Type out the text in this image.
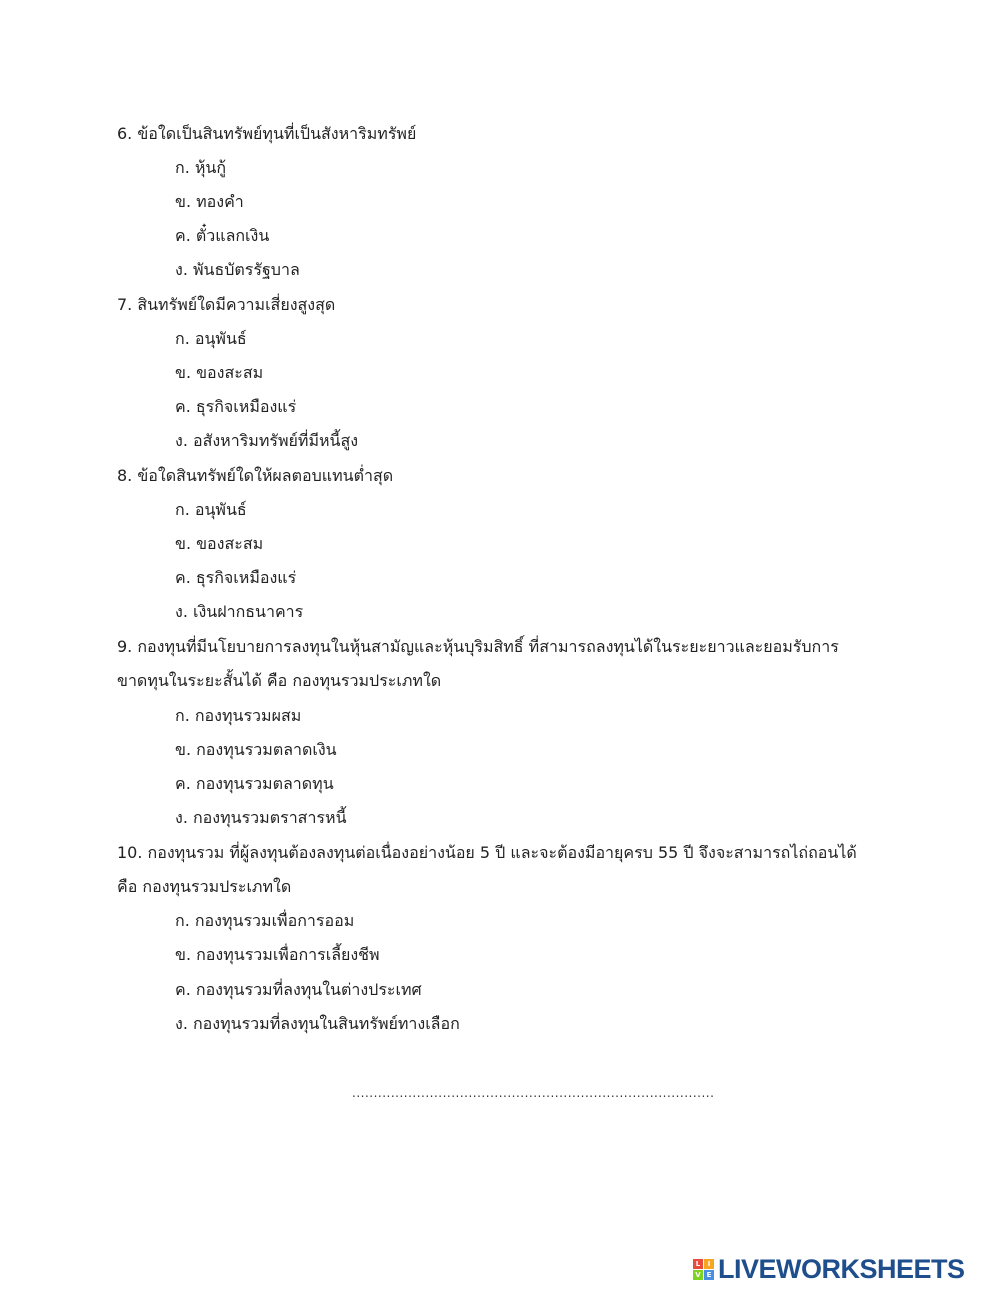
6. ข้อใดเป็นสินทรัพย์ทุนที่เป็นสังหาริมทรัพย์
ก. หุ้นกู้
ข. ทองคำ
ค. ตั๋วแลกเงิน
ง. พันธบัตรรัฐบาล
7. สินทรัพย์ใดมีความเสี่ยงสูงสุด
ก. อนุพันธ์
ข. ของสะสม
ค. ธุรกิจเหมืองแร่
ง. อสังหาริมทรัพย์ที่มีหนี้สูง
8. ข้อใดสินทรัพย์ใดให้ผลตอบแทนต่ำสุด
ก. อนุพันธ์
ข. ของสะสม
ค. ธุรกิจเหมืองแร่
ง. เงินฝากธนาคาร
9. กองทุนที่มีนโยบายการลงทุนในหุ้นสามัญและหุ้นบุริมสิทธิ์ ที่สามารถลงทุนได้ในระยะยาวและยอมรับการ
ขาดทุนในระยะสั้นได้ คือ กองทุนรวมประเภทใด
ก. กองทุนรวมผสม
ข. กองทุนรวมตลาดเงิน
ค. กองทุนรวมตลาดทุน
ง. กองทุนรวมตราสารหนี้
10. กองทุนรวม ที่ผู้ลงทุนต้องลงทุนต่อเนื่องอย่างน้อย 5 ปี และจะต้องมีอายุครบ 55 ปี จึงจะสามารถไถ่ถอนได้
คือ กองทุนรวมประเภทใด
ก. กองทุนรวมเพื่อการออม
ข. กองทุนรวมเพื่อการเลี้ยงชีพ
ค. กองทุนรวมที่ลงทุนในต่างประเทศ
ง. กองทุนรวมที่ลงทุนในสินทรัพย์ทางเลือก
....................................................................................
L	I
V E LIVEWORKSHEETS
